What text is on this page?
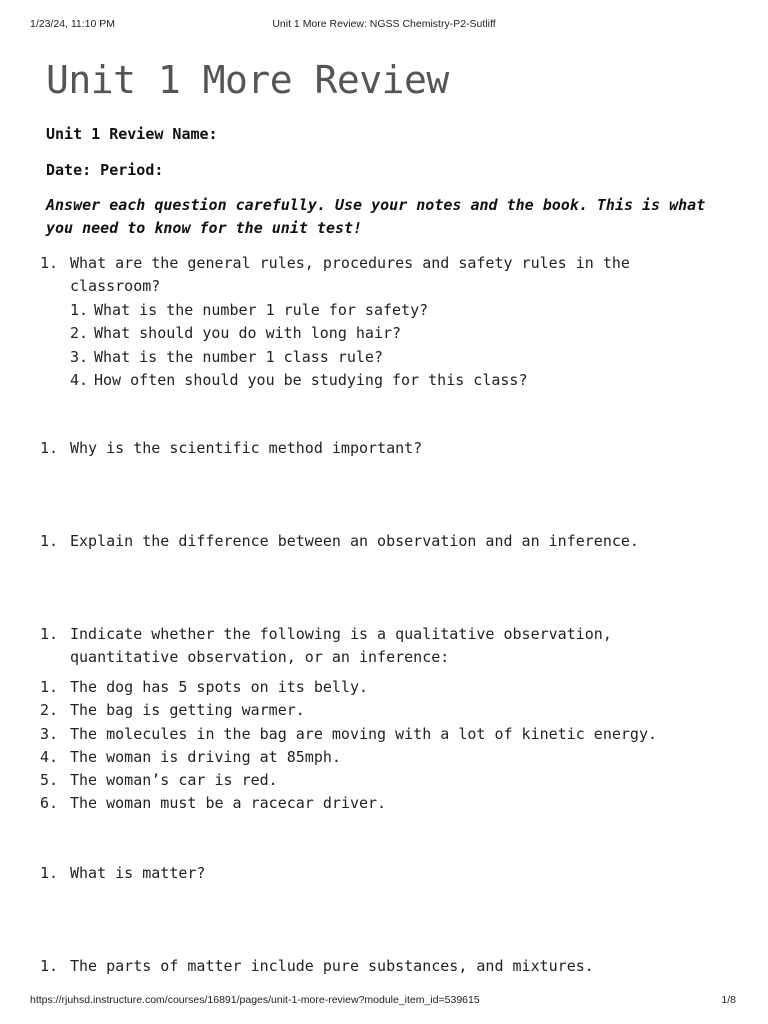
1/23/24, 11:10 PM	Unit 1 More Review: NGSS Chemistry-P2-Sutliff
Unit 1 More Review

Unit 1 Review Name:

Date: Period:

Answer each question carefully. Use your notes and the book. This is what you need to know for the unit test!

1. What are the general rules, procedures and safety rules in the classroom?
1. What is the number 1 rule for safety?
2. What should you do with long hair?
3. What is the number 1 class rule?
4. How often should you be studying for this class?
1. Why is the scientific method important?
1. Explain the difference between an observation and an inference.
1. Indicate whether the following is a qualitative observation, quantitative observation, or an inference:
1. The dog has 5 spots on its belly.
2. The bag is getting warmer.
3. The molecules in the bag are moving with a lot of kinetic energy.
4. The woman is driving at 85mph.
5. The woman’s car is red.
6. The woman must be a racecar driver.
1. What is matter?
1. The parts of matter include pure substances, and mixtures.
https://rjuhsd.instructure.com/courses/16891/pages/unit-1-more-review?module_item_id=539615	1/8
